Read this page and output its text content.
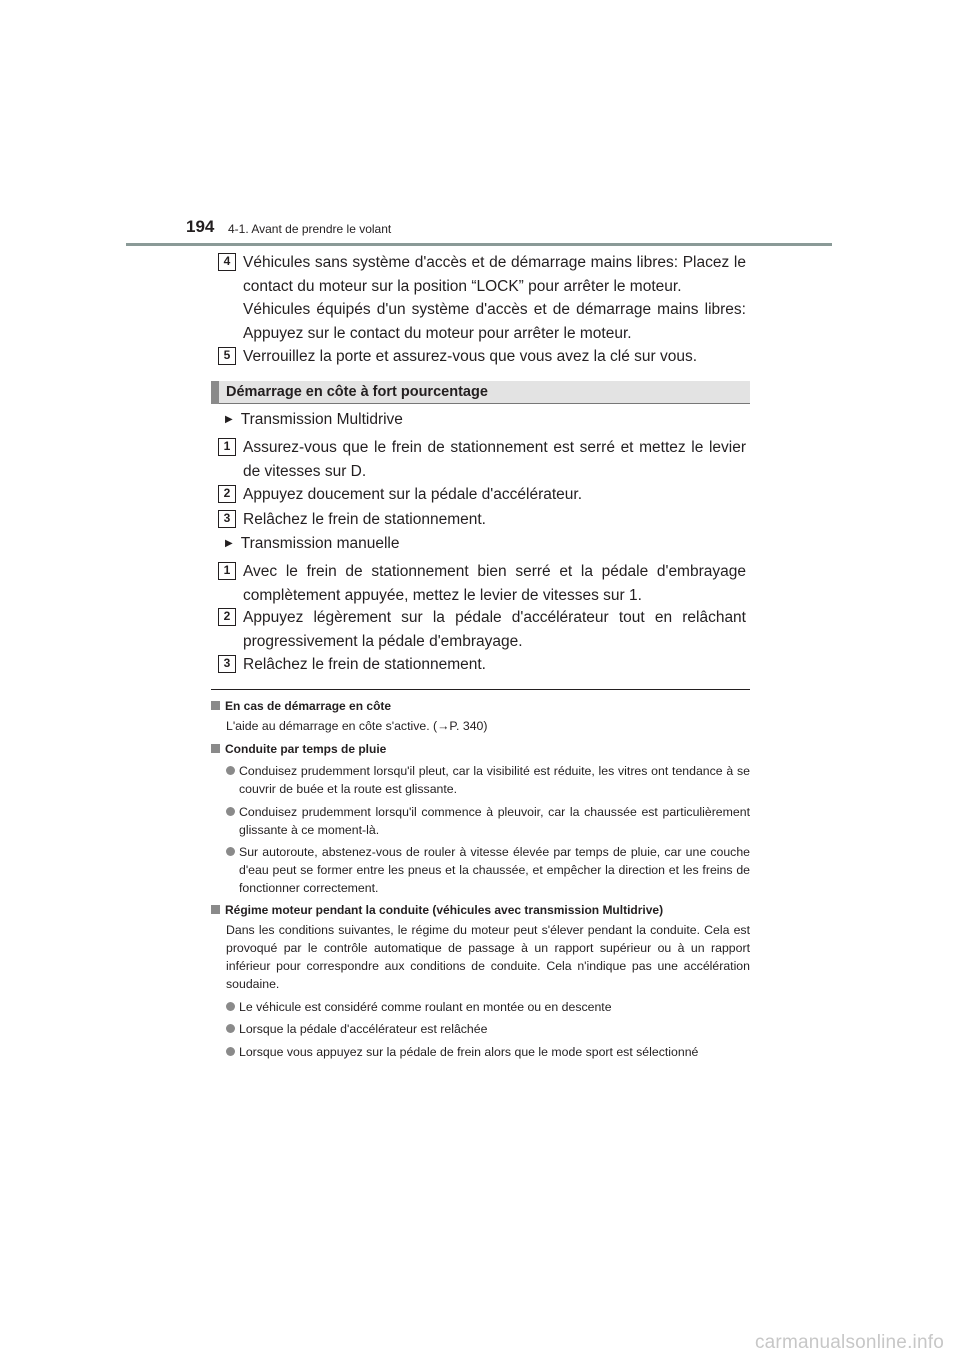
194 4-1. Avant de prendre le volant
4 Véhicules sans système d'accès et de démarrage mains libres: Placez le contact du moteur sur la position “LOCK” pour arrêter le moteur.
Véhicules équipés d'un système d'accès et de démarrage mains libres: Appuyez sur le contact du moteur pour arrêter le moteur.
5 Verrouillez la porte et assurez-vous que vous avez la clé sur vous.
Démarrage en côte à fort pourcentage
▶ Transmission Multidrive
1 Assurez-vous que le frein de stationnement est serré et mettez le levier de vitesses sur D.
2 Appuyez doucement sur la pédale d'accélérateur.
3 Relâchez le frein de stationnement.
▶ Transmission manuelle
1 Avec le frein de stationnement bien serré et la pédale d'embrayage complètement appuyée, mettez le levier de vitesses sur 1.
2 Appuyez légèrement sur la pédale d'accélérateur tout en relâchant progressivement la pédale d'embrayage.
3 Relâchez le frein de stationnement.
En cas de démarrage en côte
L'aide au démarrage en côte s'active. (→P. 340)
Conduite par temps de pluie
Conduisez prudemment lorsqu'il pleut, car la visibilité est réduite, les vitres ont tendance à se couvrir de buée et la route est glissante.
Conduisez prudemment lorsqu'il commence à pleuvoir, car la chaussée est particulièrement glissante à ce moment-là.
Sur autoroute, abstenez-vous de rouler à vitesse élevée par temps de pluie, car une couche d'eau peut se former entre les pneus et la chaussée, et empêcher la direction et les freins de fonctionner correctement.
Régime moteur pendant la conduite (véhicules avec transmission Multidrive)
Dans les conditions suivantes, le régime du moteur peut s'élever pendant la conduite. Cela est provoqué par le contrôle automatique de passage à un rapport supérieur ou à un rapport inférieur pour correspondre aux conditions de conduite. Cela n'indique pas une accélération soudaine.
Le véhicule est considéré comme roulant en montée ou en descente
Lorsque la pédale d'accélérateur est relâchée
Lorsque vous appuyez sur la pédale de frein alors que le mode sport est sélectionné
carmanualsonline.info
